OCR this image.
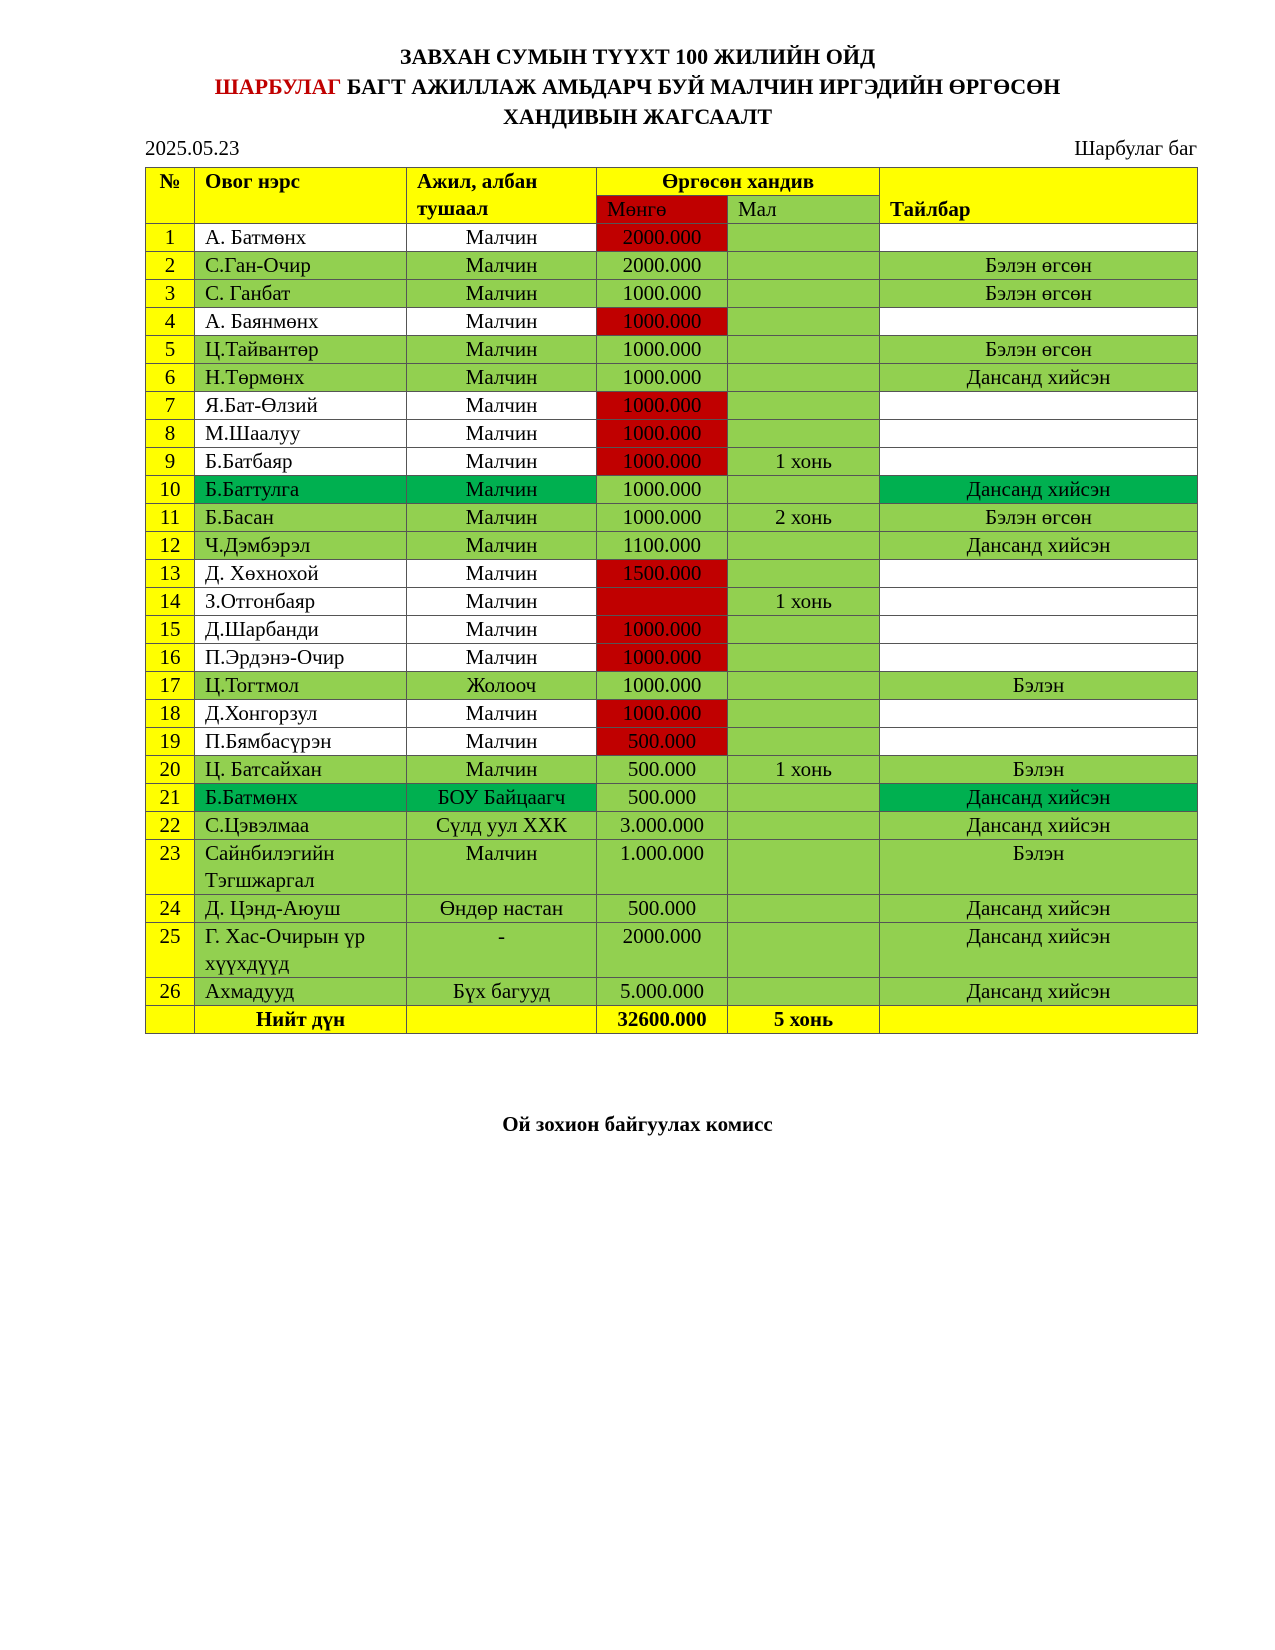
ЗАВХАН СУМЫН ТҮҮХТ 100 ЖИЛИЙН ОЙД
ШАРБУЛАГ БАГТ АЖИЛЛАЖ АМЬДАРЧ БУЙ МАЛЧИН ИРГЭДИЙН ӨРГӨСӨН
ХАНДИВЫН ЖАГСААЛТ
2025.05.23	Шарбулаг баг
№	Овог нэрс	Ажил, албан тушаал	Өргөсөн хандив		Тайлбар
			Мөнгө	Мал	
1	А. Батмөнх	Малчин	2000.000		
2	С.Ган-Очир	Малчин	2000.000		Бэлэн өгсөн
3	С. Ганбат	Малчин	1000.000		Бэлэн өгсөн
4	А. Баянмөнх	Малчин	1000.000		
5	Ц.Тайвантөр	Малчин	1000.000		Бэлэн өгсөн
6	Н.Төрмөнх	Малчин	1000.000		Дансанд хийсэн
7	Я.Бат-Өлзий	Малчин	1000.000		
8	М.Шаалуу	Малчин	1000.000		
9	Б.Батбаяр	Малчин	1000.000	1 хонь	
10	Б.Баттулга	Малчин	1000.000		Дансанд хийсэн
11	Б.Басан	Малчин	1000.000	2 хонь	Бэлэн өгсөн
12	Ч.Дэмбэрэл	Малчин	1100.000		Дансанд хийсэн
13	Д. Хөхнохой	Малчин	1500.000		
14	З.Отгонбаяр	Малчин		1 хонь	
15	Д.Шарбанди	Малчин	1000.000		
16	П.Эрдэнэ-Очир	Малчин	1000.000		
17	Ц.Тогтмол	Жолооч	1000.000		Бэлэн
18	Д.Хонгорзул	Малчин	1000.000		
19	П.Бямбасүрэн	Малчин	500.000		
20	Ц. Батсайхан	Малчин	500.000	1 хонь	Бэлэн
21	Б.Батмөнх	БОУ Байцаагч	500.000		Дансанд хийсэн
22	С.Цэвэлмаа	Сүлд уул ХХК	3.000.000		Дансанд хийсэн
23	Сайнбилэгийн Тэгшжаргал	Малчин	1.000.000		Бэлэн
24	Д. Цэнд-Аюуш	Өндөр настан	500.000		Дансанд хийсэн
25	Г. Хас-Очирын үр хүүхдүүд	-	2000.000		Дансанд хийсэн
26	Ахмадууд	Бүх багууд	5.000.000		Дансанд хийсэн
	Нийт дүн		32600.000	5 хонь	
Ой зохион байгуулах комисс
